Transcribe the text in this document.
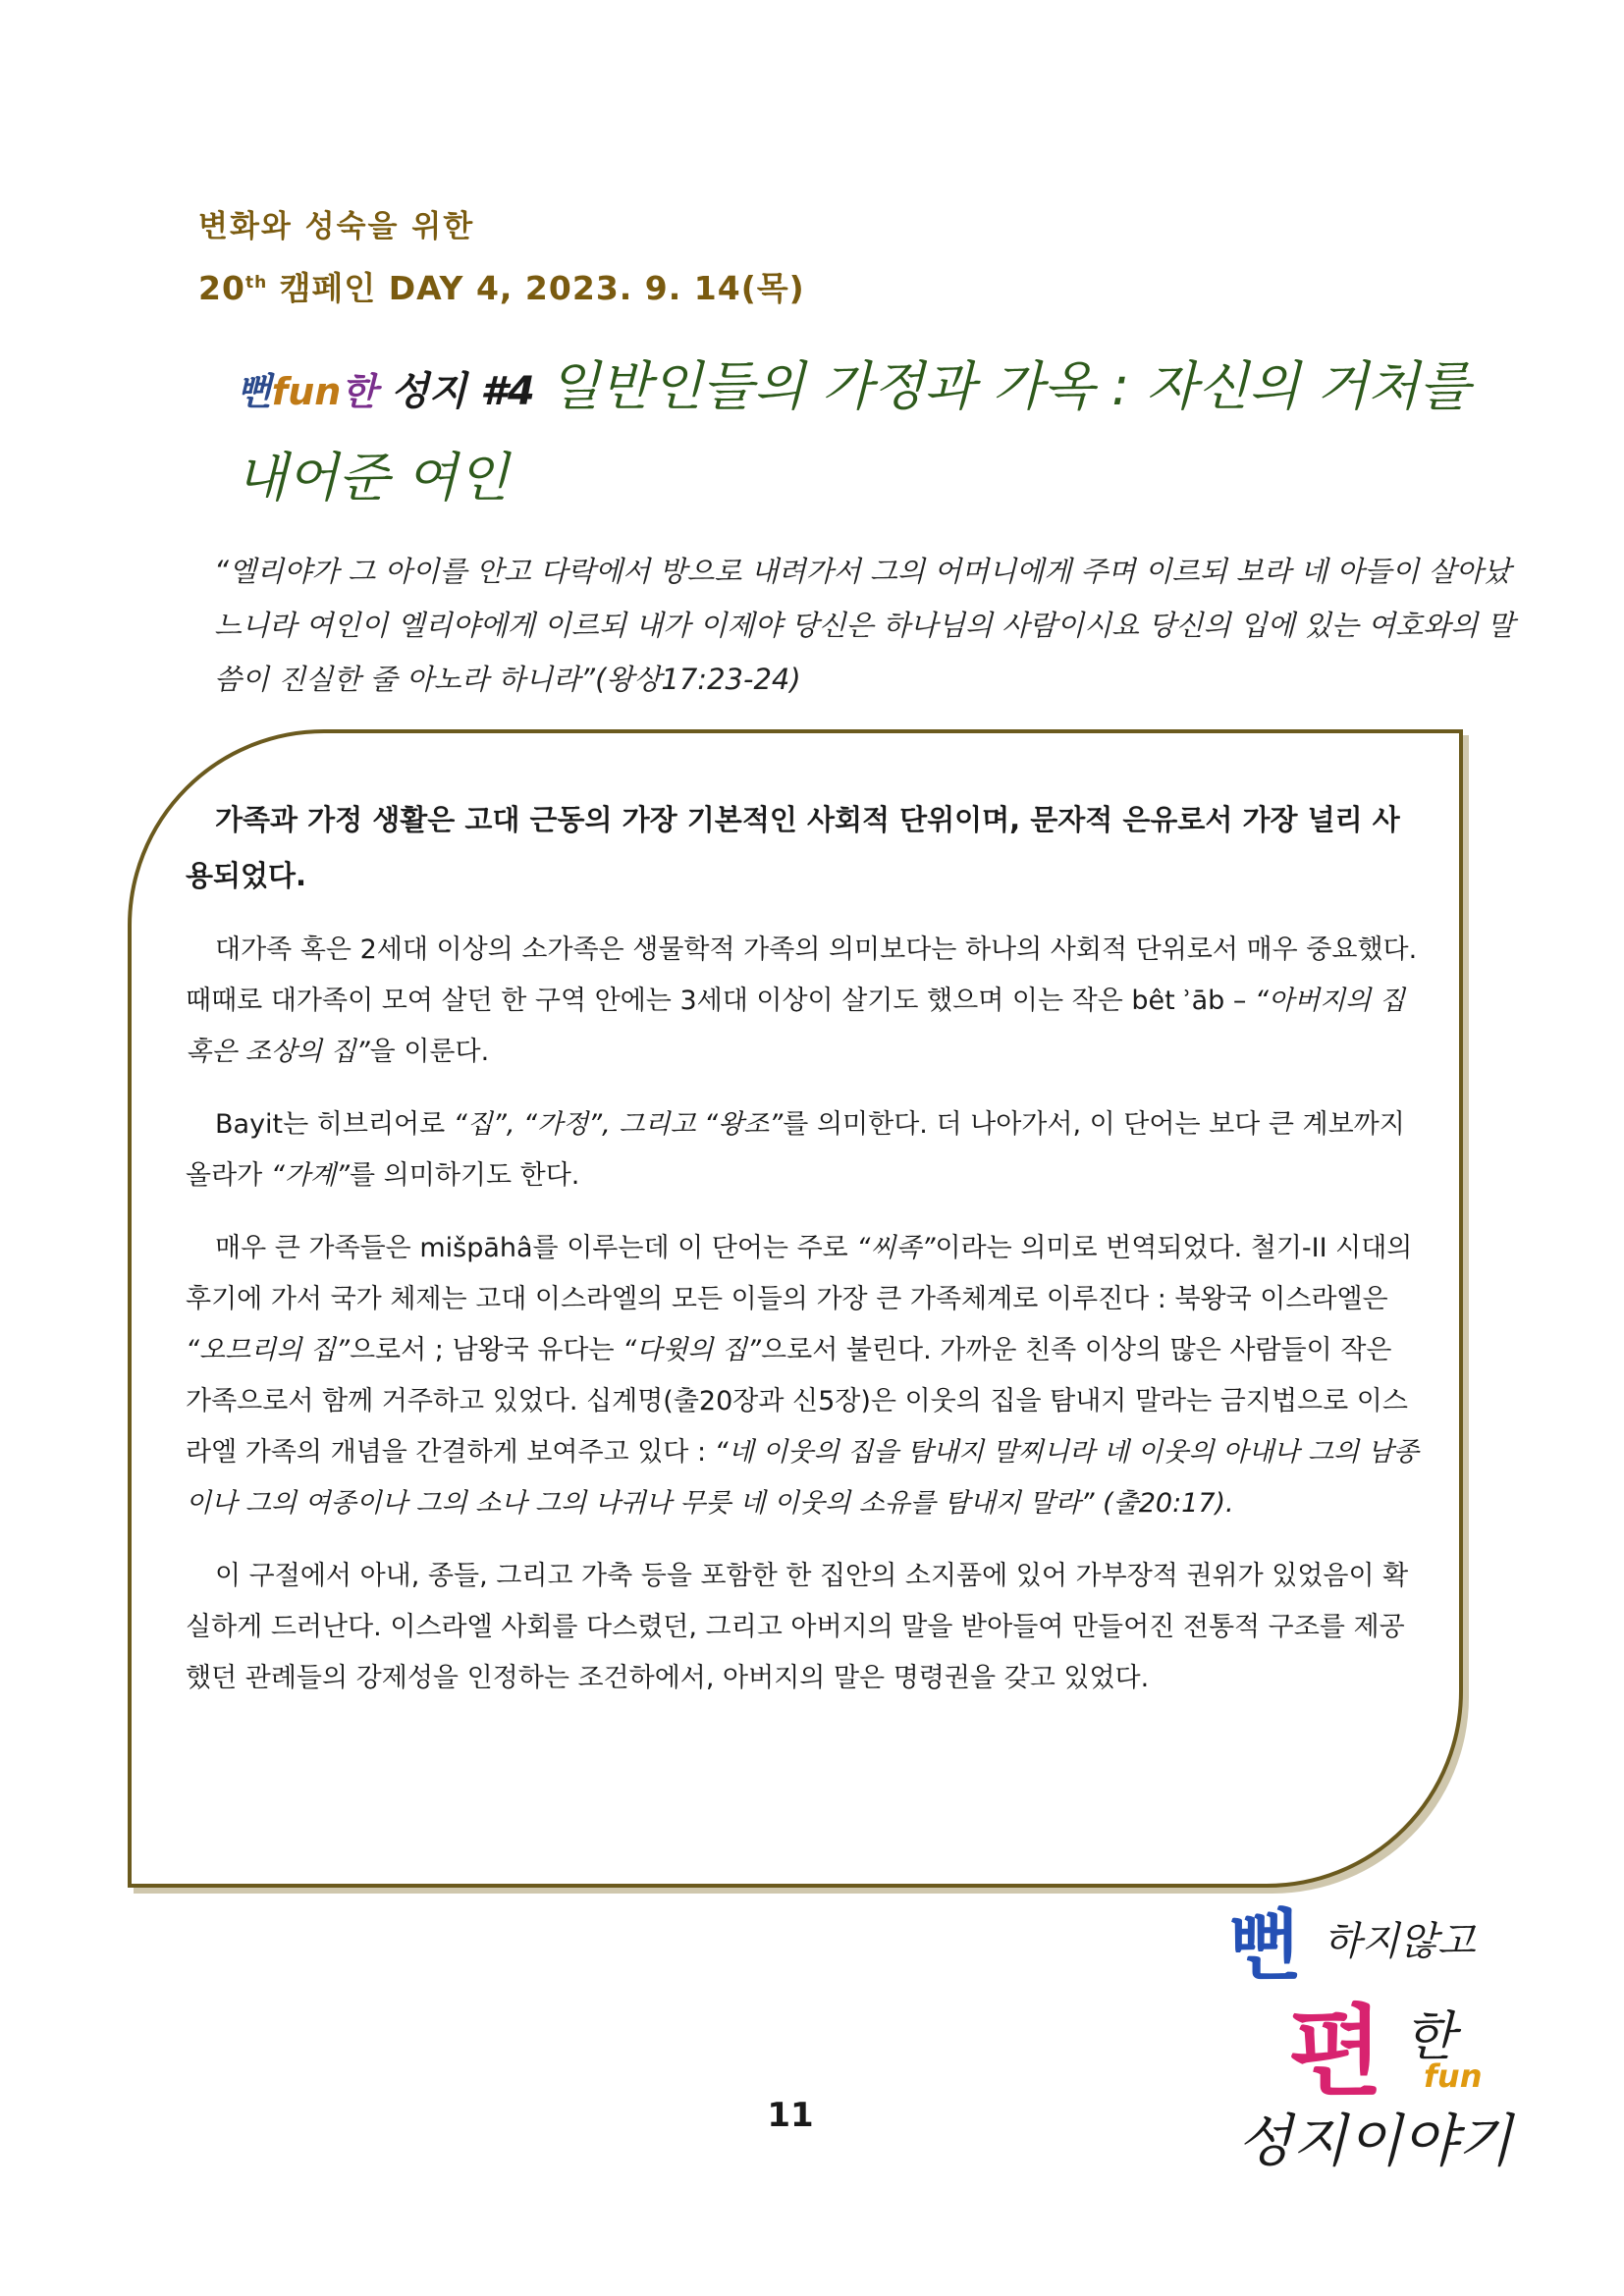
변화와 성숙을 위한
20th 캠페인 DAY 4, 2023. 9. 14(목)
뻔fun한 성지 #4 일반인들의 가정과 가옥 : 자신의 거처를 내어준 여인
“엘리야가 그 아이를 안고 다락에서 방으로 내려가서 그의 어머니에게 주며 이르되 보라 네 아들이 살아났느니라 여인이 엘리야에게 이르되 내가 이제야 당신은 하나님의 사람이시요 당신의 입에 있는 여호와의 말씀이 진실한 줄 아노라 하니라”(왕상17:23-24)
가족과 가정 생활은 고대 근동의 가장 기본적인 사회적 단위이며, 문자적 은유로서 가장 널리 사용되었다.

대가족 혹은 2세대 이상의 소가족은 생물학적 가족의 의미보다는 하나의 사회적 단위로서 매우 중요했다. 때때로 대가족이 모여 살던 한 구역 안에는 3세대 이상이 살기도 했으며 이는 작은 bêt ʾāb – “아버지의 집 혹은 조상의 집”을 이룬다.

Bayit는 히브리어로 “집”, “가정”, 그리고 “왕조”를 의미한다. 더 나아가서, 이 단어는 보다 큰 계보까지 올라가 “가계”를 의미하기도 한다.

매우 큰 가족들은 mišpāhâ를 이루는데 이 단어는 주로 “씨족”이라는 의미로 번역되었다. 철기-II 시대의 후기에 가서 국가 체제는 고대 이스라엘의 모든 이들의 가장 큰 가족체계로 이루진다 : 북왕국 이스라엘은 “오므리의 집”으로서 ; 남왕국 유다는 “다윗의 집”으로서 불린다. 가까운 친족 이상의 많은 사람들이 작은 가족으로서 함께 거주하고 있었다. 십계명(출20장과 신5장)은 이웃의 집을 탐내지 말라는 금지법으로 이스라엘 가족의 개념을 간결하게 보여주고 있다 : “네 이웃의 집을 탐내지 말찌니라 네 이웃의 아내나 그의 남종이나 그의 여종이나 그의 소나 그의 나귀나 무릇 네 이웃의 소유를 탐내지 말라” (출20:17).

이 구절에서 아내, 종들, 그리고 가축 등을 포함한 한 집안의 소지품에 있어 가부장적 권위가 있었음이 확실하게 드러난다. 이스라엘 사회를 다스렸던, 그리고 아버지의 말을 받아들여 만들어진 전통적 구조를 제공했던 관례들의 강제성을 인정하는 조건하에서, 아버지의 말은 명령권을 갖고 있었다.

11
뻔 하지않고
편 한
fun
성지이야기
